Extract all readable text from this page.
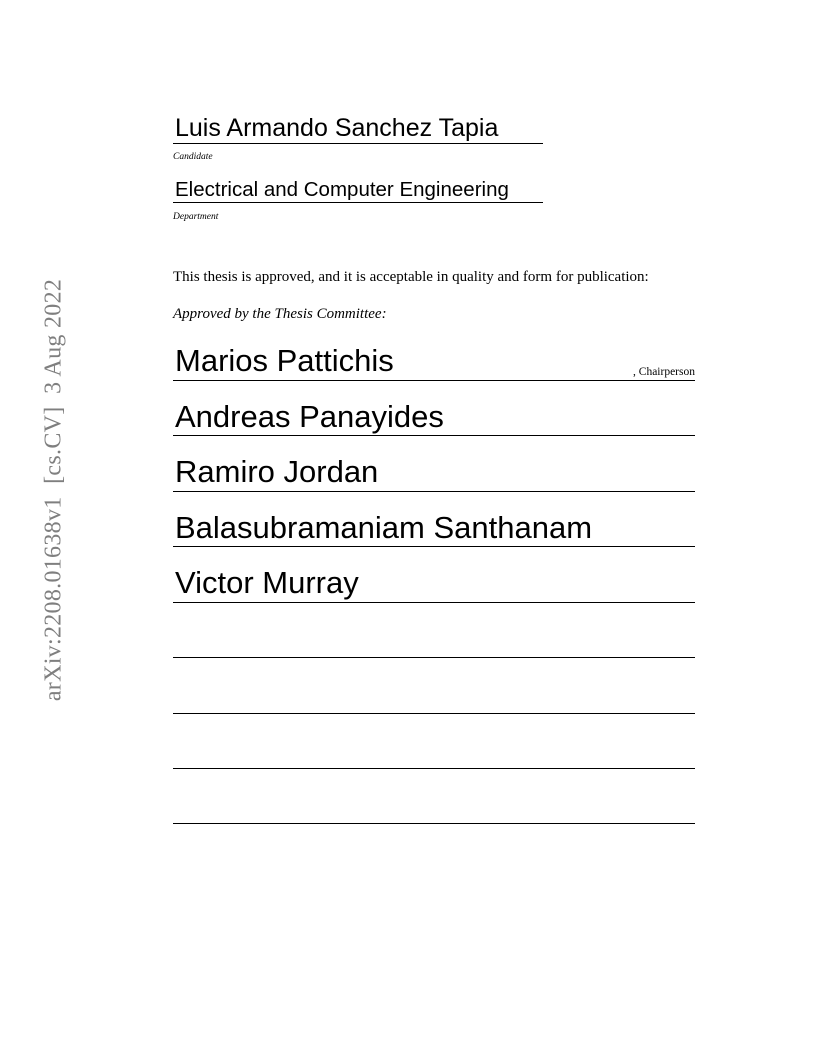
arXiv:2208.01638v1  [cs.CV]  3 Aug 2022
Luis Armando Sanchez Tapia
Candidate
Electrical and Computer Engineering
Department
This thesis is approved, and it is acceptable in quality and form for publication:
Approved by the Thesis Committee:
Marios Pattichis	, Chairperson
Andreas Panayides
Ramiro Jordan
Balasubramaniam Santhanam
Victor Murray
